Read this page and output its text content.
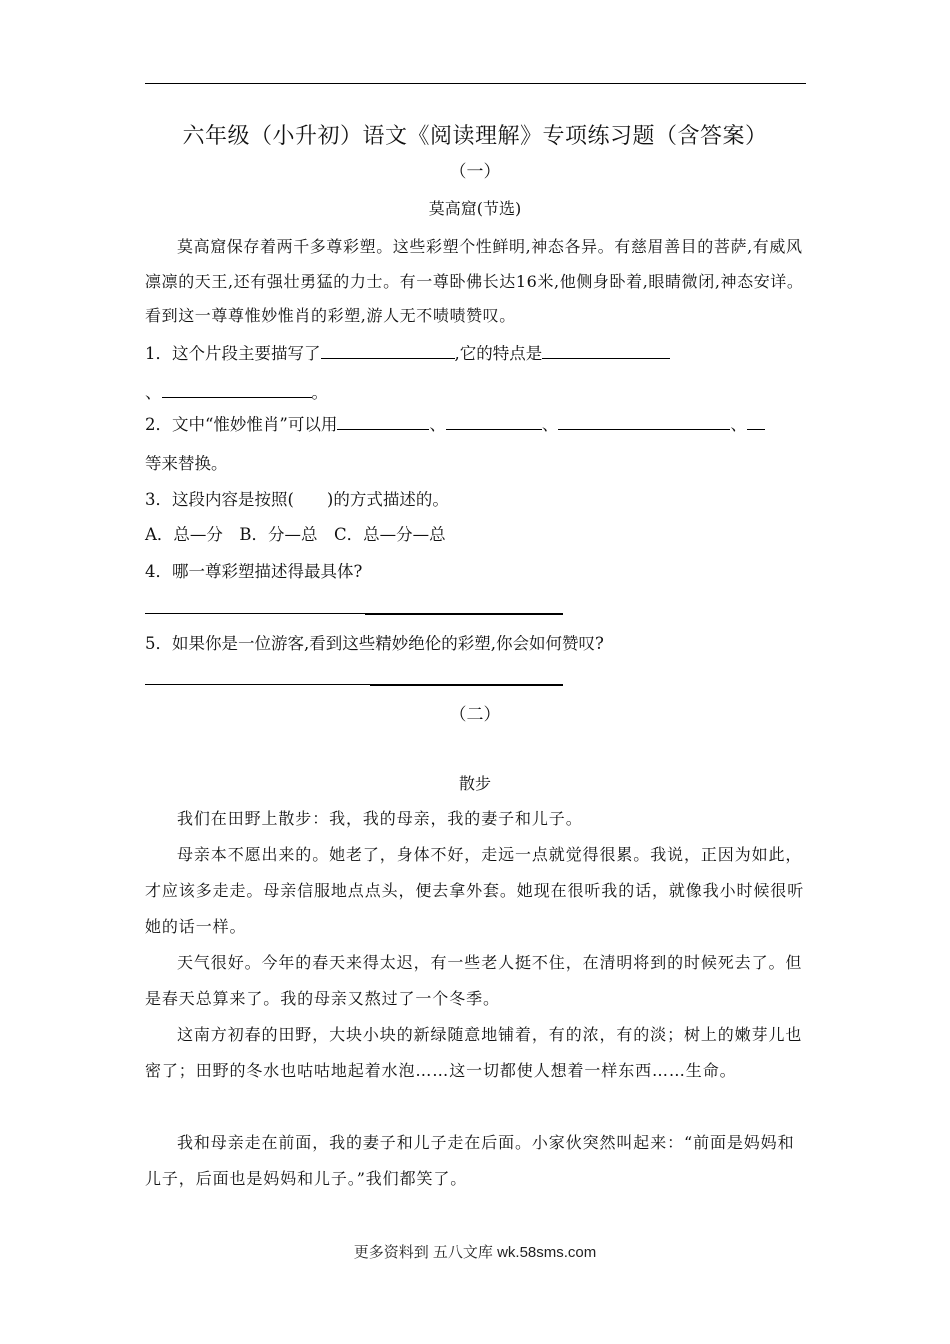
六年级（小升初）语文《阅读理解》专项练习题（含答案）
（一）
莫高窟(节选)

莫高窟保存着两千多尊彩塑。这些彩塑个性鲜明,神态各异。有慈眉善目的菩萨,有威风凛凛的天王,还有强壮勇猛的力士。有一尊卧佛长达16米,他侧身卧着,眼睛微闭,神态安详。看到这一尊尊惟妙惟肖的彩塑,游人无不啧啧赞叹。

1．这个片段主要描写了	,它的特点是

、	。

2．文中“惟妙惟肖”可以用	、	、	、

等来替换。

3．这段内容是按照(　　)的方式描述的。

A．总—分　B．分—总　C．总—分—总

4．哪一尊彩塑描述得最具体?

5．如果你是一位游客,看到这些精妙绝伦的彩塑,你会如何赞叹?

（二）
散步

我们在田野上散步：我，我的母亲，我的妻子和儿子。

母亲本不愿出来的。她老了，身体不好，走远一点就觉得很累。我说，正因为如此，才应该多走走。母亲信服地点点头，便去拿外套。她现在很听我的话，就像我小时候很听她的话一样。

天气很好。今年的春天来得太迟，有一些老人挺不住，在清明将到的时候死去了。但是春天总算来了。我的母亲又熬过了一个冬季。

这南方初春的田野，大块小块的新绿随意地铺着，有的浓，有的淡；树上的嫩芽儿也密了；田野的冬水也咕咕地起着水泡……这一切都使人想着一样东西……生命。

我和母亲走在前面，我的妻子和儿子走在后面。小家伙突然叫起来：“前面是妈妈和儿子，后面也是妈妈和儿子。”我们都笑了。

更多资料到 五八文库 wk.58sms.com
